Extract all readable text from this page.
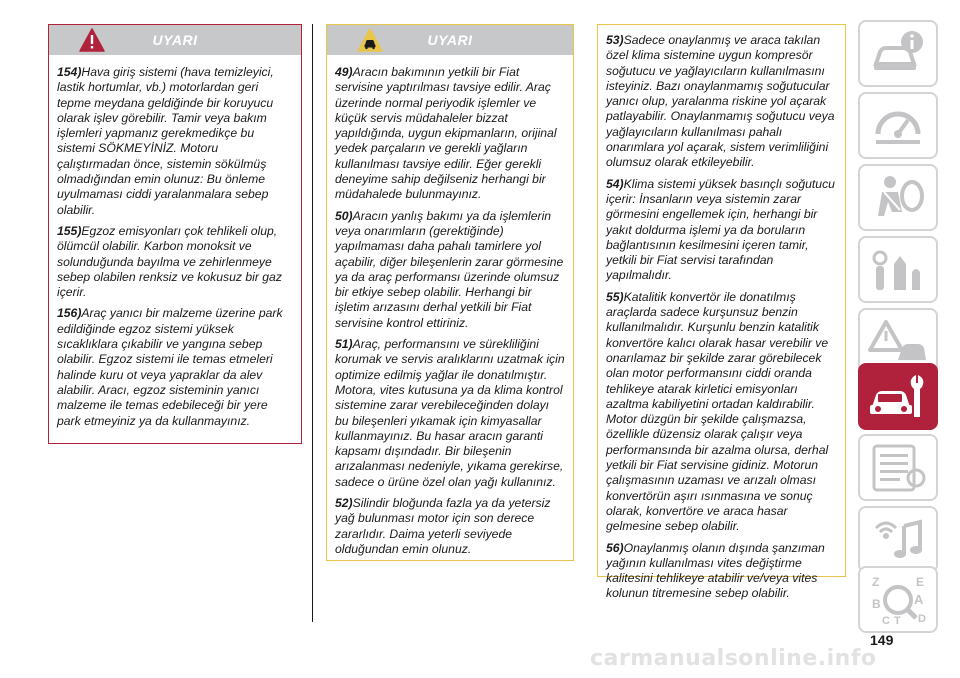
UYARI

154)Hava giriş sistemi (hava temizleyici, lastik hortumlar, vb.) motorlardan geri tepme meydana geldiğinde bir koruyucu olarak işlev görebilir. Tamir veya bakım işlemleri yapmanız gerekmedikçe bu sistemi SÖKMEYİNİZ. Motoru çalıştırmadan önce, sistemin sökülmüş olmadığından emin olunuz: Bu önleme uyulmaması ciddi yaralanmalara sebep olabilir.

155)Egzoz emisyonları çok tehlikeli olup, ölümcül olabilir. Karbon monoksit ve solunduğunda bayılma ve zehirlenmeye sebep olabilen renksiz ve kokusuz bir gaz içerir.

156)Araç yanıcı bir malzeme üzerine park edildiğinde egzoz sistemi yüksek sıcaklıklara çıkabilir ve yangına sebep olabilir. Egzoz sistemi ile temas etmeleri halinde kuru ot veya yapraklar da alev alabilir. Aracı, egzoz sisteminin yanıcı malzeme ile temas edebileceği bir yere park etmeyiniz ya da kullanmayınız.

UYARI

49)Aracın bakımının yetkili bir Fiat servisine yaptırılması tavsiye edilir. Araç üzerinde normal periyodik işlemler ve küçük servis müdahaleler bizzat yapıldığında, uygun ekipmanların, orijinal yedek parçaların ve gerekli yağların kullanılması tavsiye edilir. Eğer gerekli deneyime sahip değilseniz herhangi bir müdahalede bulunmayınız.

50)Aracın yanlış bakımı ya da işlemlerin veya onarımların (gerektiğinde) yapılmaması daha pahalı tamirlere yol açabilir, diğer bileşenlerin zarar görmesine ya da araç performansı üzerinde olumsuz bir etkiye sebep olabilir. Herhangi bir işletim arızasını derhal yetkili bir Fiat servisine kontrol ettiriniz.

51)Araç, performansını ve sürekliliğini korumak ve servis aralıklarını uzatmak için optimize edilmiş yağlar ile donatılmıştır. Motora, vites kutusuna ya da klima kontrol sistemine zarar verebileceğinden dolayı bu bileşenleri yıkamak için kimyasallar kullanmayınız. Bu hasar aracın garanti kapsamı dışındadır. Bir bileşenin arızalanması nedeniyle, yıkama gerekirse, sadece o ürüne özel olan yağı kullanınız.

52)Silindir bloğunda fazla ya da yetersiz yağ bulunması motor için son derece zararlıdır. Daima yeterli seviyede olduğundan emin olunuz.

53)Sadece onaylanmış ve araca takılan özel klima sistemine uygun kompresör soğutucu ve yağlayıcıların kullanılmasını isteyiniz. Bazı onaylanmamış soğutucular yanıcı olup, yaralanma riskine yol açarak patlayabilir. Onaylanmamış soğutucu veya yağlayıcıların kullanılması pahalı onarımlara yol açarak, sistem verimliliğini olumsuz olarak etkileyebilir.

54)Klima sistemi yüksek basınçlı soğutucu içerir: İnsanların veya sistemin zarar görmesini engellemek için, herhangi bir yakıt doldurma işlemi ya da boruların bağlantısının kesilmesini içeren tamir, yetkili bir Fiat servisi tarafından yapılmalıdır.

55)Katalitik konvertör ile donatılmış araçlarda sadece kurşunsuz benzin kullanılmalıdır. Kurşunlu benzin katalitik konvertöre kalıcı olarak hasar verebilir ve onarılamaz bir şekilde zarar görebilecek olan motor performansını ciddi oranda tehlikeye atarak kirletici emisyonları azaltma kabiliyetini ortadan kaldırabilir. Motor düzgün bir şekilde çalışmazsa, özellikle düzensiz olarak çalışır veya performansında bir azalma olursa, derhal yetkili bir Fiat servisine gidiniz. Motorun çalışmasının uzaması ve arızalı olması konvertörün aşırı ısınmasına ve sonuç olarak, konvertöre ve araca hasar gelmesine sebep olabilir.

56)Onaylanmış olanın dışında şanzıman yağının kullanılması vites değiştirme kalitesini tehlikeye atabilir ve/veya vites kolunun titremesine sebep olabilir.

Z	E
B	A
C T D
149
carmanualsonline.info
